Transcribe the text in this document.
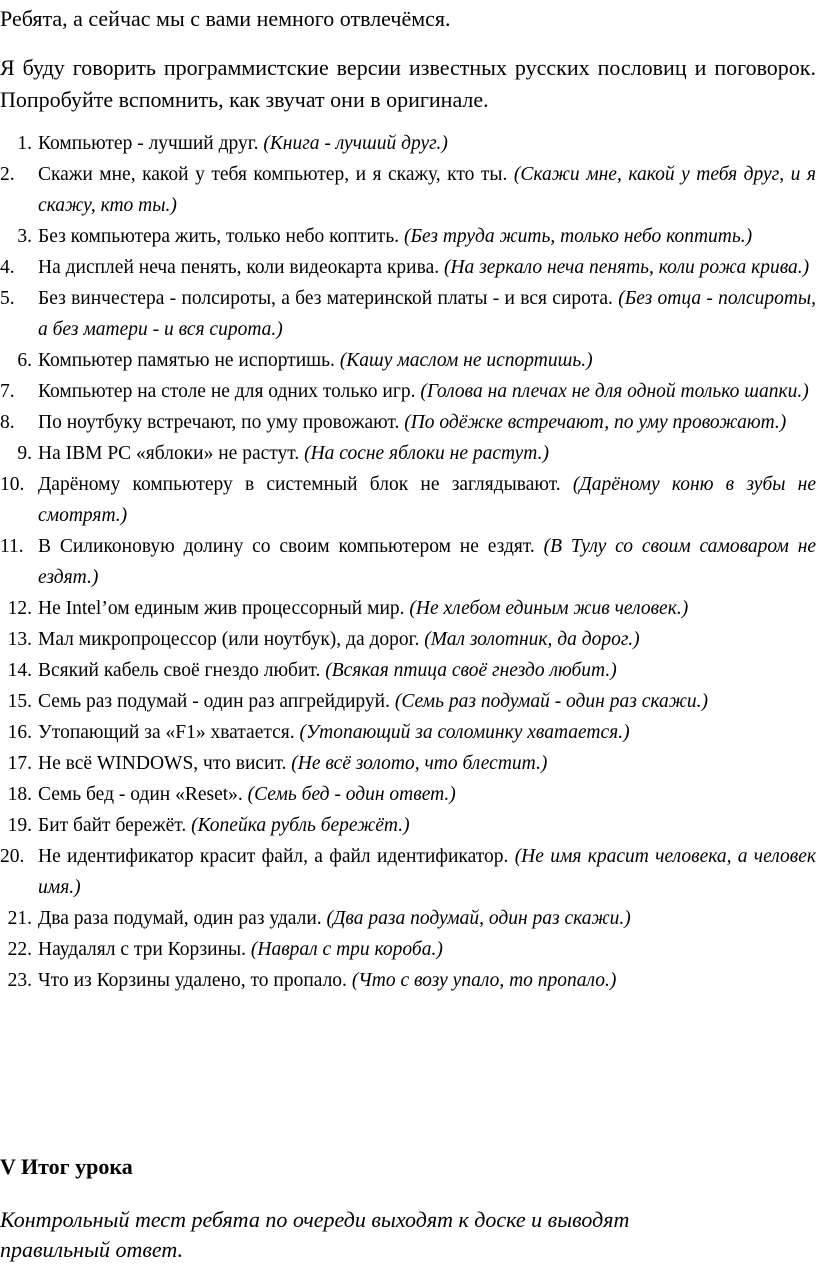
Ребята, а сейчас мы с вами немного отвлечёмся.
Я буду говорить программистские версии известных русских пословиц и поговорок. Попробуйте вспомнить, как звучат они в оригинале.
1. Компьютер - лучший друг. (Книга - лучший друг.)
2.	Скажи мне, какой у тебя компьютер, и я скажу, кто ты. (Скажи мне, какой у тебя друг, и я скажу, кто ты.)
3. Без компьютера жить, только небо коптить. (Без труда жить, только небо коптить.)
4.	На дисплей неча пенять, коли видеокарта крива. (На зеркало неча пенять, коли рожа крива.)
5.	Без винчестера - полсироты, а без материнской платы - и вся сирота. (Без отца - полсироты, а без матери - и вся сирота.)
6. Компьютер памятью не испортишь. (Кашу маслом не испортишь.)
7.	Компьютер на столе не для одних только игр. (Голова на плечах не для одной только шапки.)
8.	По ноутбуку встречают, по уму провожают. (По одёжке встречают, по уму провожают.)
9. На IBM PC «яблоки» не растут. (На сосне яблоки не растут.)
10. Дарёному компьютеру в системный блок не заглядывают. (Дарёному коню в зубы не смотрят.)
11. В Силиконовую долину со своим компьютером не ездят. (В Тулу со своим самоваром не ездят.)
12. Не Intel’ом единым жив процессорный мир. (Не хлебом единым жив человек.)
13. Мал микропроцессор (или ноутбук), да дорог. (Мал золотник, да дорог.)
14. Всякий кабель своё гнездо любит. (Всякая птица своё гнездо любит.)
15. Семь раз подумай - один раз апгрейдируй. (Семь раз подумай - один раз скажи.)
16. Утопающий за «F1» хватается. (Утопающий за соломинку хватается.)
17. Не всё WINDOWS, что висит. (Не всё золото, что блестит.)
18. Семь бед - один «Reset». (Семь бед - один ответ.)
19. Бит байт бережёт. (Копейка рубль бережёт.)
20. Не идентификатор красит файл, а файл идентификатор. (Не имя красит человека, а человек имя.)
21. Два раза подумай, один раз удали. (Два раза подумай, один раз скажи.)
22. Наудалял с три Корзины. (Наврал с три короба.)
23. Что из Корзины удалено, то пропало. (Что с возу упало, то пропало.)
V Итог урока
Контрольный тест ребята по очереди выходят к доске и выводят правильный ответ.
